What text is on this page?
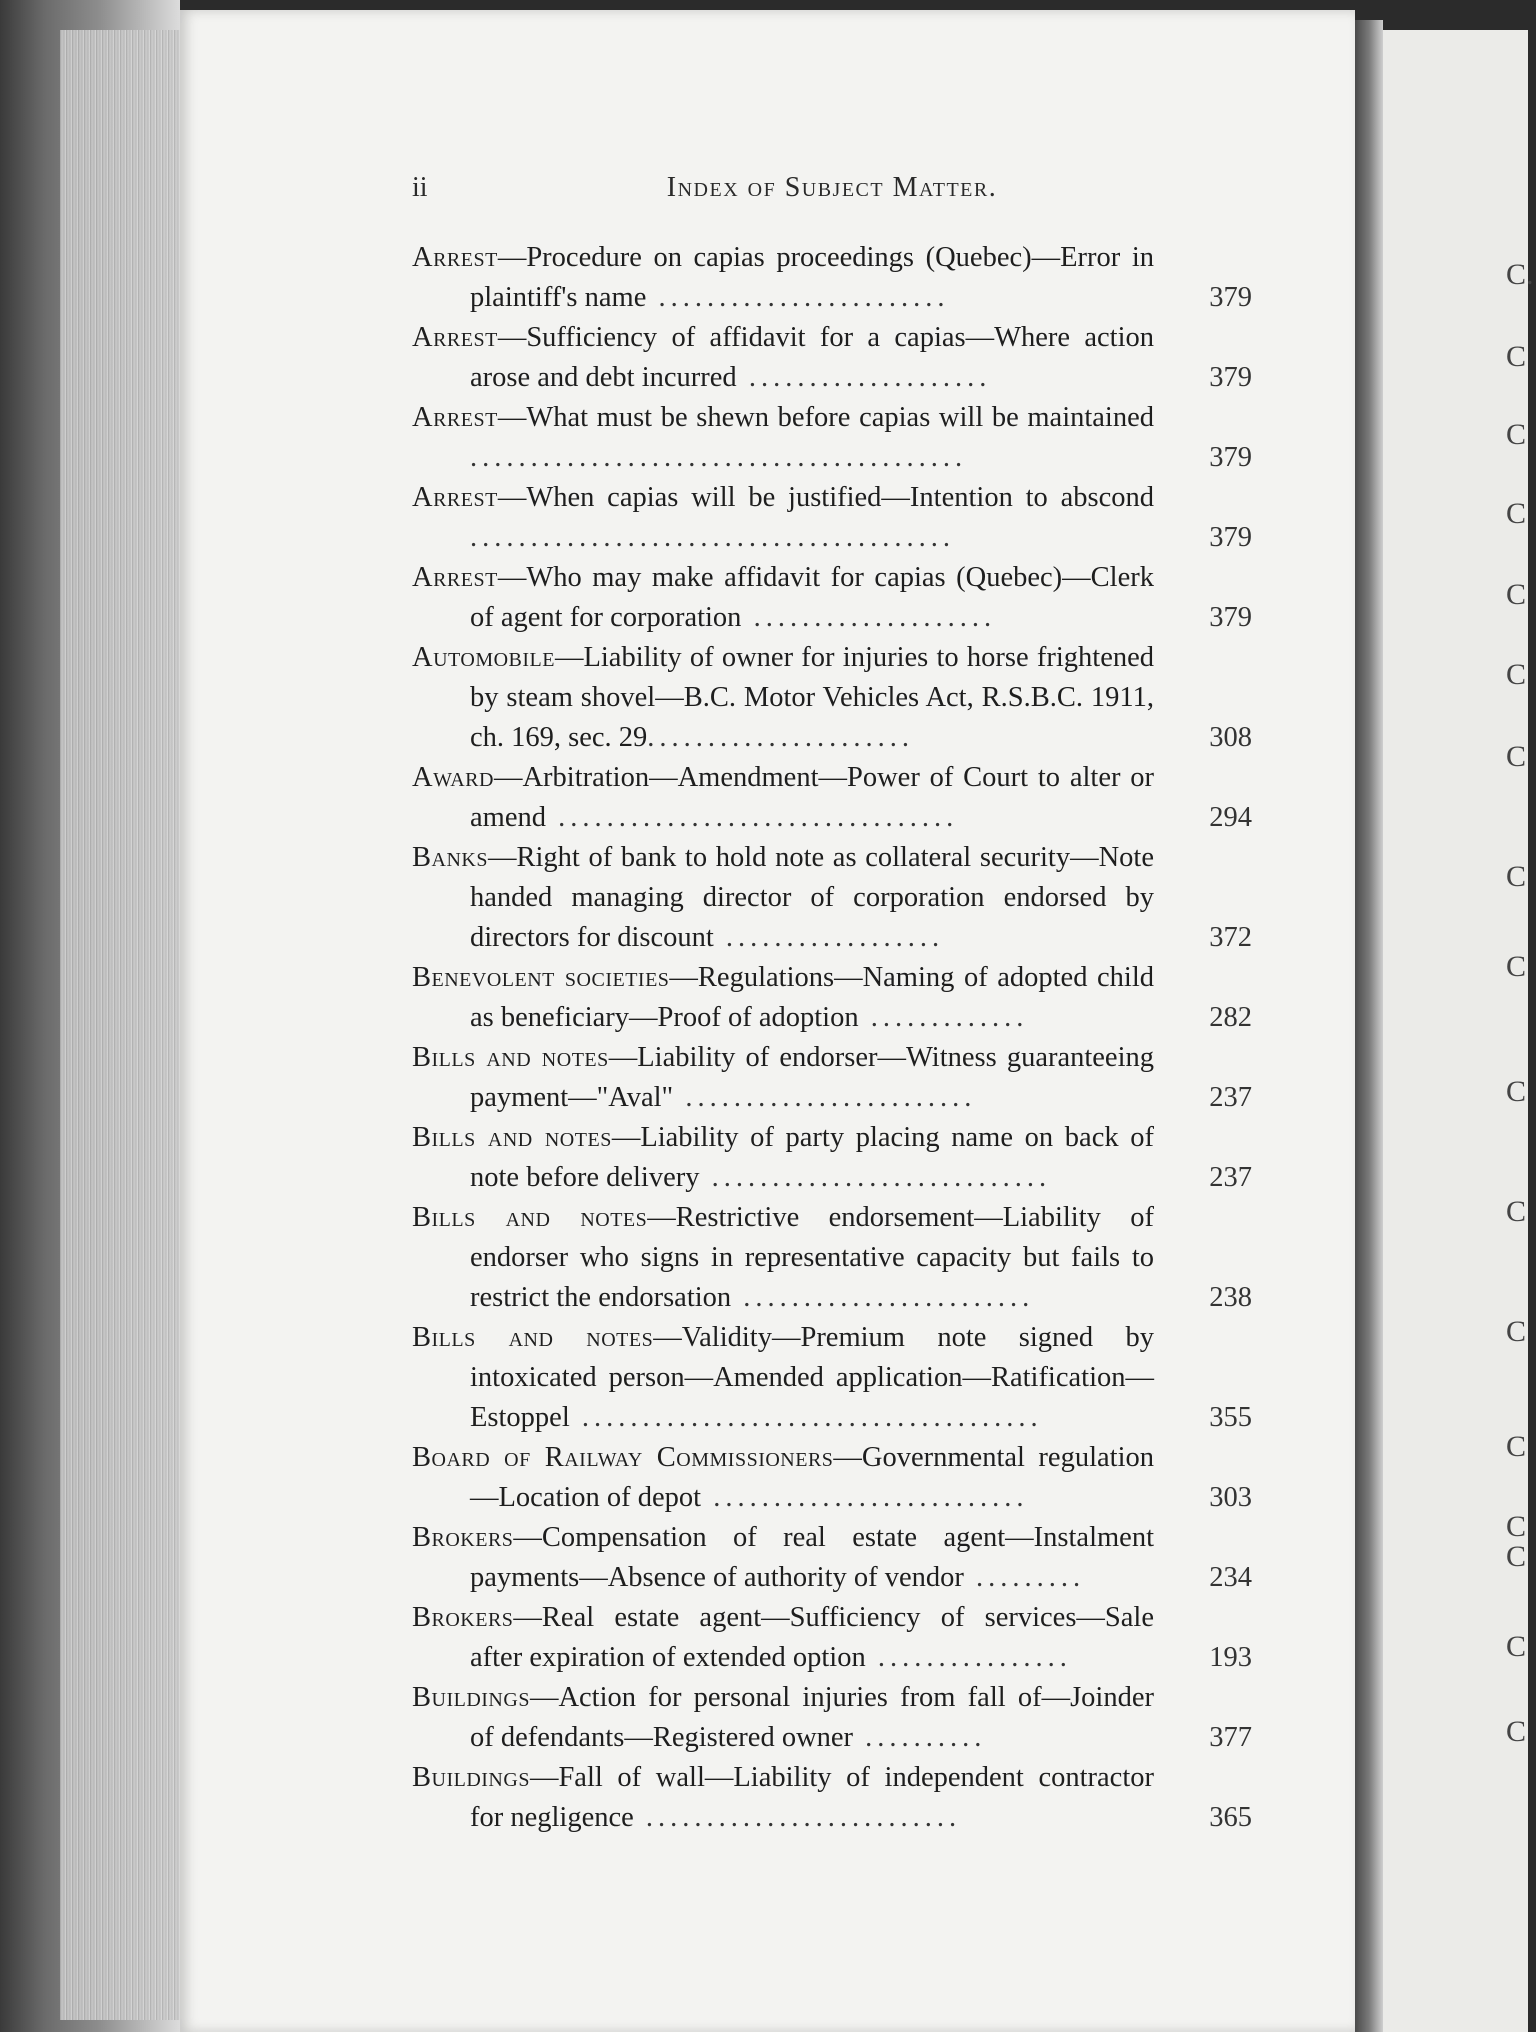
C.
C
C
C
C
C
C
C
C
C
C
C
C
C
C
C
C
ii	Index of Subject Matter.
Arrest—Procedure on capias proceedings (Quebec)—Error in plaintiff's name ........................	379
Arrest—Sufficiency of affidavit for a capias—Where action arose and debt incurred ....................	379
Arrest—What must be shewn before capias will be maintained .........................................	379
Arrest—When capias will be justified—Intention to abscond ........................................	379
Arrest—Who may make affidavit for capias (Quebec)—Clerk of agent for corporation ....................	379
Automobile—Liability of owner for injuries to horse frightened by steam shovel—B.C. Motor Vehicles Act, R.S.B.C. 1911, ch. 169, sec. 29......................	308
Award—Arbitration—Amendment—Power of Court to alter or amend .................................	294
Banks—Right of bank to hold note as collateral security—Note handed managing director of corporation endorsed by directors for discount ..................	372
Benevolent societies—Regulations—Naming of adopted child as beneficiary—Proof of adoption .............	282
Bills and notes—Liability of endorser—Witness guaranteeing payment—"Aval" ........................	237
Bills and notes—Liability of party placing name on back of note before delivery ............................	237
Bills and notes—Restrictive endorsement—Liability of endorser who signs in representative capacity but fails to restrict the endorsation ........................	238
Bills and notes—Validity—Premium note signed by intoxicated person—Amended application—Ratification—Estoppel ......................................	355
Board of Railway Commissioners—Governmental regulation—Location of depot ..........................	303
Brokers—Compensation of real estate agent—Instalment payments—Absence of authority of vendor .........	234
Brokers—Real estate agent—Sufficiency of services—Sale after expiration of extended option ................	193
Buildings—Action for personal injuries from fall of—Joinder of defendants—Registered owner ..........	377
Buildings—Fall of wall—Liability of independent contractor for negligence ..........................	365
